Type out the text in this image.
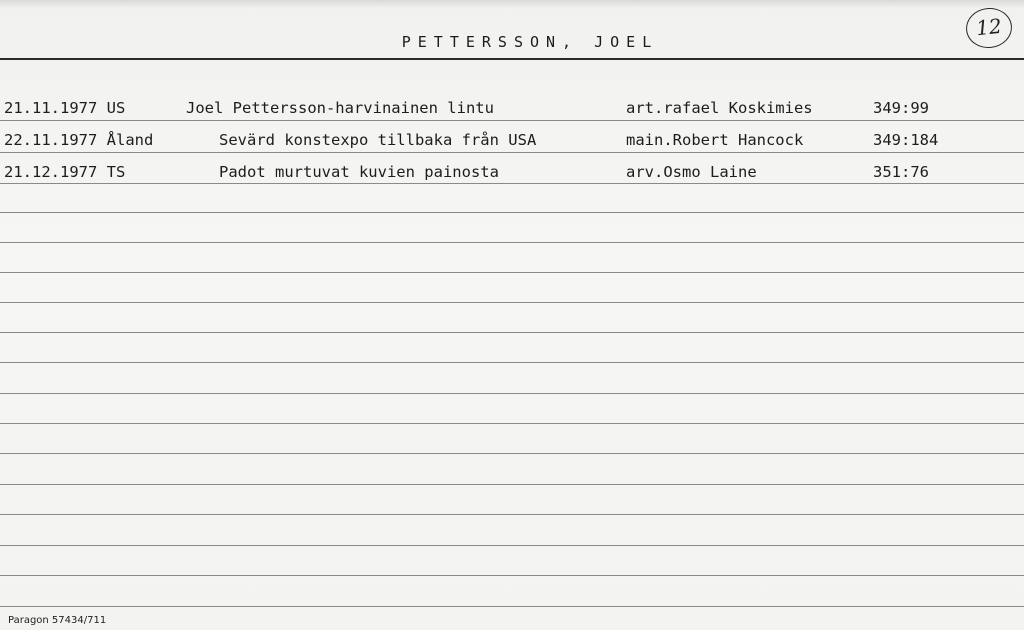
PETTERSSON, JOEL
12
21.11.1977 US	Joel Pettersson-harvinainen lintu	art.rafael Koskimies	349:99
22.11.1977 Åland	Sevärd konstexpo tillbaka från USA	main.Robert Hancock	349:184
21.12.1977 TS	Padot murtuvat kuvien painosta	arv.Osmo Laine	351:76
Paragon 57434/711
